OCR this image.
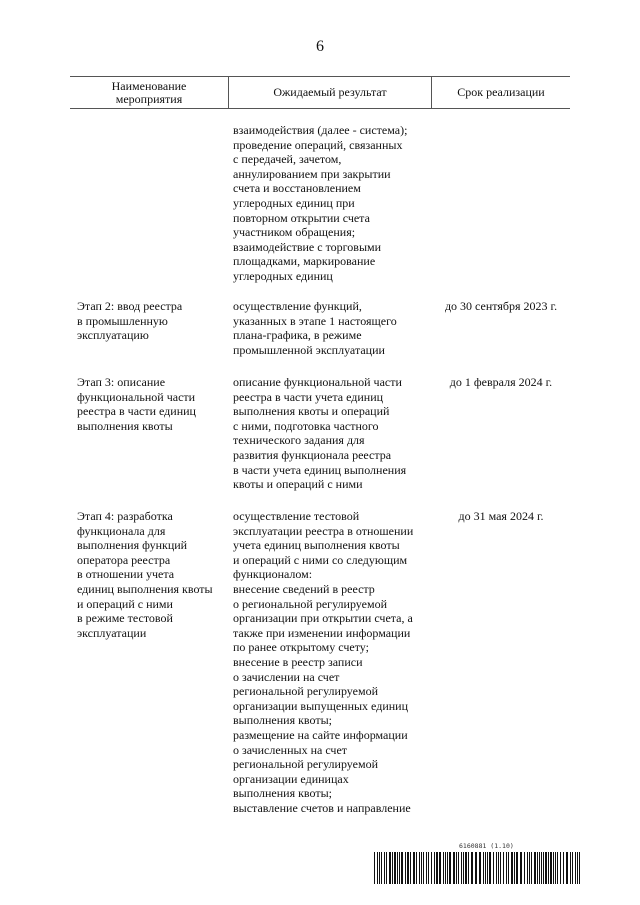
6
Наименование
мероприятия	Ожидаемый результат	Срок реализации
взаимодействия (далее - система);
проведение операций, связанных
с передачей, зачетом,
аннулированием при закрытии
счета и восстановлением
углеродных единиц при
повторном открытии счета
участником обращения;
взаимодействие с торговыми
площадками, маркирование
углеродных единиц
Этап 2: ввод реестра
в промышленную
эксплуатацию
осуществление функций,
указанных в этапе 1 настоящего
плана-графика, в режиме
промышленной эксплуатации
до 30 сентября 2023 г.
Этап 3: описание
функциональной части
реестра в части единиц
выполнения квоты
описание функциональной части
реестра в части учета единиц
выполнения квоты и операций
с ними, подготовка частного
технического задания для
развития функционала реестра
в части учета единиц выполнения
квоты и операций с ними
до 1 февраля 2024 г.
Этап 4: разработка
функционала для
выполнения функций
оператора реестра
в отношении учета
единиц выполнения квоты
и операций с ними
в режиме тестовой
эксплуатации
осуществление тестовой
эксплуатации реестра в отношении
учета единиц выполнения квоты
и операций с ними со следующим
функционалом:
внесение сведений в реестр
о региональной регулируемой
организации при открытии счета, а
также при изменении информации
по ранее открытому счету;
внесение в реестр записи
о зачислении на счет
региональной регулируемой
организации выпущенных единиц
выполнения квоты;
размещение на сайте информации
о зачисленных на счет
региональной регулируемой
организации единицах
выполнения квоты;
выставление счетов и направление
до 31 мая 2024 г.
6160881 (1.10)
